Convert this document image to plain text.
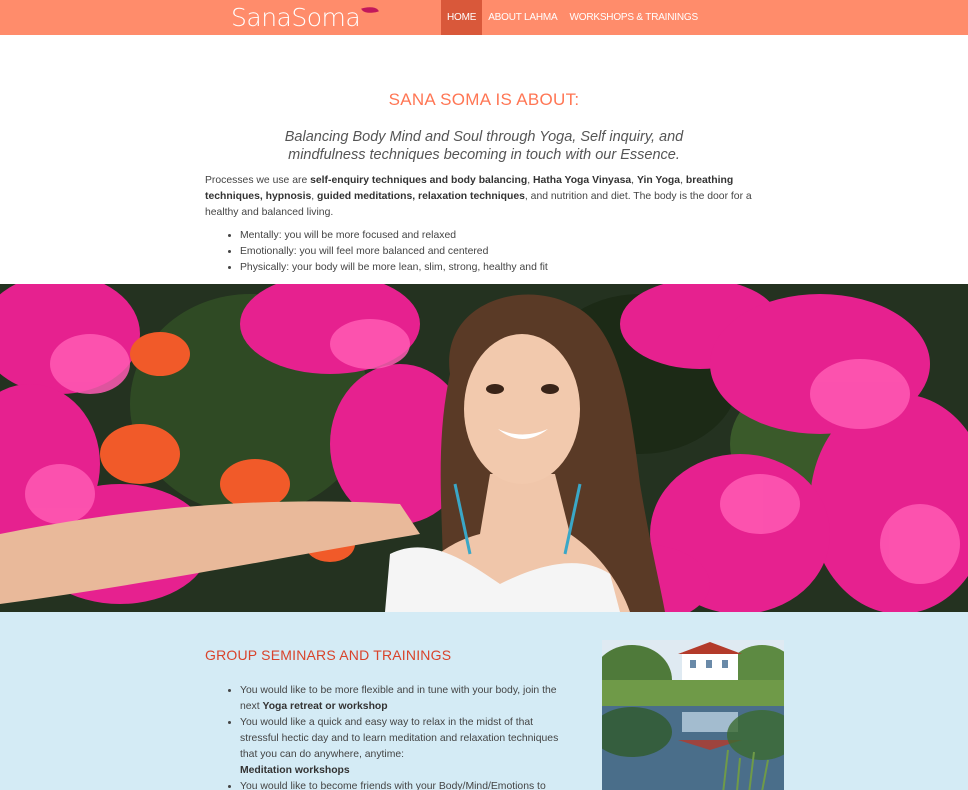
SanaSoma	HOME	ABOUT LAHMA	WORKSHOPS & TRAININGS
SANA SOMA IS ABOUT:

Balancing Body Mind and Soul through Yoga, Self inquiry, and mindfulness techniques becoming in touch with our Essence.

Processes we use are self-enquiry techniques and body balancing, Hatha Yoga Vinyasa, Yin Yoga, breathing techniques, hypnosis, guided meditations, relaxation techniques, and nutrition and diet. The body is the door for a healthy and balanced living.

• Mentally: you will be more focused and relaxed
• Emotionally: you will feel more balanced and centered
• Physically: your body will be more lean, slim, strong, healthy and fit
GROUP SEMINARS AND TRAININGS
• You would like to be more flexible and in tune with your body, join the next Yoga retreat or workshop
• You would like a quick and easy way to relax in the midst of that stressful hectic day and to learn meditation and relaxation techniques that you can do anywhere, anytime:
Meditation workshops
• You would like to become friends with your Body/Mind/Emotions to
